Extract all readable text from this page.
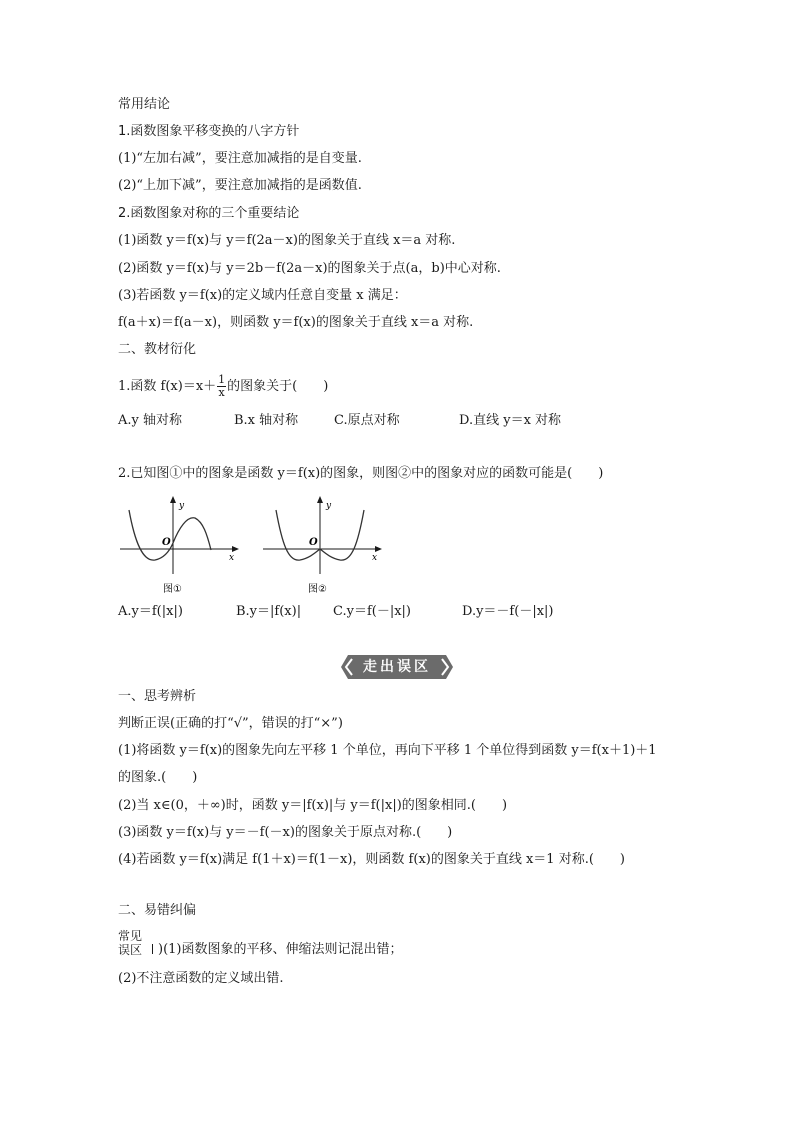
常用结论
1.函数图象平移变换的八字方针
(1)“左加右减”，要注意加减指的是自变量.
(2)“上加下减”，要注意加减指的是函数值.
2.函数图象对称的三个重要结论
(1)函数 y＝f(x)与 y＝f(2a－x)的图象关于直线 x＝a 对称.
(2)函数 y＝f(x)与 y＝2b－f(2a－x)的图象关于点(a，b)中心对称.
(3)若函数 y＝f(x)的定义域内任意自变量 x 满足：
f(a＋x)＝f(a－x)，则函数 y＝f(x)的图象关于直线 x＝a 对称.
二、教材衍化
1.函数 $f(x)=x+ \frac{1}{x}$ 的图象关于(　　)
A.y 轴对称	B.x 轴对称	C.原点对称	D.直线 y＝x 对称
2.已知图①中的图象是函数 y＝f(x)的图象，则图②中的图象对应的函数可能是(　　)
y
x
O
图①
y
x
O
图②
A.y＝f(|x|)	B.y＝|f(x)| C.y＝f(－|x|)	D.y＝－f(－|x|)
走出误区
一、思考辨析
判断正误(正确的打“√”，错误的打“×”)
(1)将函数 y＝f(x)的图象先向左平移 1 个单位，再向下平移 1 个单位得到函数 y＝f(x＋1)＋1
的图象.(　　)
(2)当 x∈(0，＋∞)时，函数 y＝|f(x)|与 y＝f(|x|)的图象相同.(　　)
(3)函数 y＝f(x)与 y＝－f(－x)的图象关于原点对称.(　　)
(4)若函数 y＝f(x)满足 f(1＋x)＝f(1－x)，则函数 f(x)的图象关于直线 x＝1 对称.(　　)
二、易错纠偏
常见
误区 )(1)函数图象的平移、伸缩法则记混出错；
(2)不注意函数的定义域出错.
